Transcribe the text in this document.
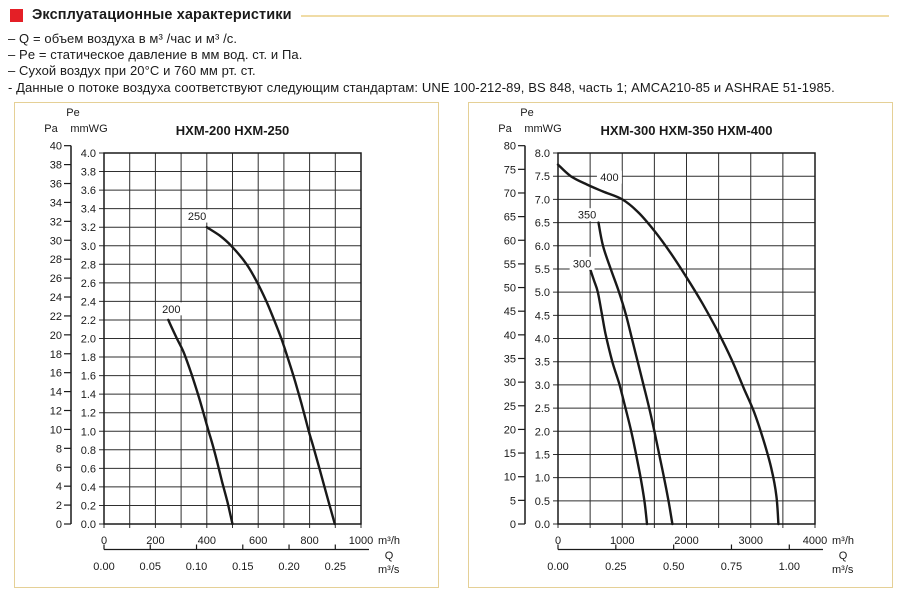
Эксплуатационные характеристики
– Q = объем воздуха в м³ /час и м³ /с.
– Pe = статическое давление в мм вод. ст. и Па.
– Сухой воздух при 20°С и 760 мм рт. ст.
- Данные о потоке воздуха соответствуют следующим стандартам: UNE 100-212-89, BS 848, часть 1; AMCA210-85 и ASHRAE 51-1985.
0.0
0.2
0.4
0.6
0.8
1.0
1.2
1.4
1.6
1.8
2.0
2.2
2.4
2.6
2.8
3.0
3.2
3.4
3.6
3.8
4.0
0
2
4
6
8
10
12
14
16
18
20
22
24
26
28
30
32
34
36
38
40
Pe
Pa mmWG	HXM-200 HXM-250
0	200	400	600	800	1000 m³/h
0.00 0.05 0.10 0.15 0.20 0.25
Q
m³/s
200
250
0.0
0.5
1.0
1.5
2.0
2.5
3.0
3.5
4.0
4.5
5.0
5.5
6.0
6.5
7.0
7.5
8.0
0
5
10
15
20
25
30
35
40
45
50
55
60
65
70
75
80
Pe
Pa mmWG	HXM-300 HXM-350 HXM-400
0	1000	2000	3000	4000 m³/h
0.00	0.25	0.50	0.75	1.00
Q
m³/s
300
350
400
